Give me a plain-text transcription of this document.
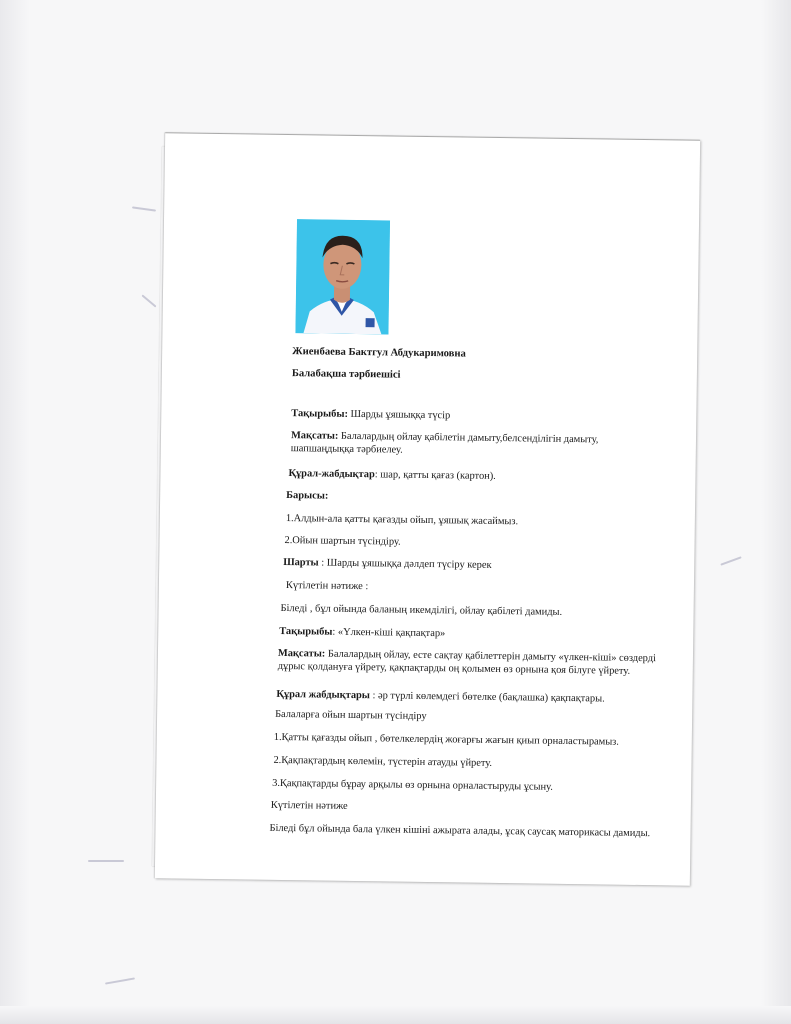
Жиенбаева Бактгул Абдукаримовна
Балабақша тәрбиешісі
Тақырыбы: Шарды ұяшыққа түсір
Мақсаты: Балалардың ойлау қабілетін дамыту,белсенділігін дамыту, шапшаңдыққа тәрбиелеу.
Құрал-жабдықтар: шар, қатты қағаз (картон).
Барысы:
1.Алдын-ала қатты қағазды ойып, ұяшық жасаймыз.
2.Ойын шартын түсіндіру.
Шарты : Шарды ұяшыққа дәлдеп түсіру керек
Күтілетін нәтиже :
Біледі , бұл ойында баланың икемділігі, ойлау қабілеті дамиды.
Тақырыбы: «Үлкен-кіші қақпақтар»
Мақсаты: Балалардың ойлау, есте сақтау қабілеттерін дамыту «үлкен-кіші» сөздерді дұрыс қолдануға үйрету, қақпақтарды оң қолымен өз орнына қоя білуге үйрету.
Құрал жабдықтары : әр түрлі көлемдегі бөтелке (бақлашка) қақпақтары.
Балаларға ойын шартын түсіндіру
1.Қатты қағазды ойып , бөтелкелердің жоғарғы жағын қиып орналастырамыз.
2.Қақпақтардың көлемін, түстерін атауды үйрету.
3.Қақпақтарды бұрау арқылы өз орнына орналастыруды ұсыну.
Күтілетін нәтиже
Біледі бұл ойында бала үлкен кішіні ажырата алады, ұсақ саусақ маторикасы дамиды.
